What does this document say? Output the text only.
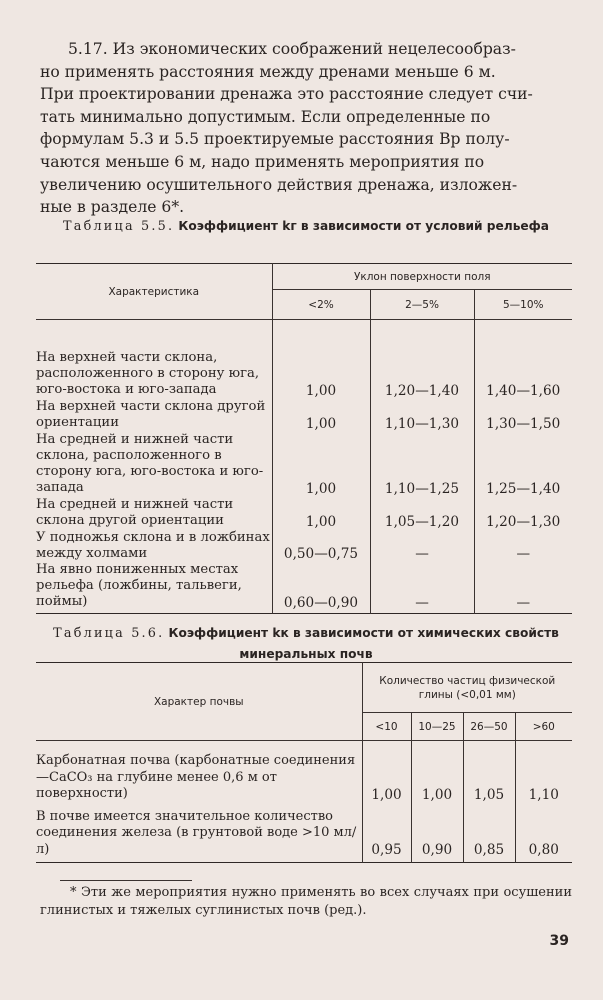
5.17. Из экономических соображений нецелесообраз-

но применять расстояния между дренами меньше 6 м.

При проектировании дренажа это расстояние следует счи-

тать минимально допустимым. Если определенные по

формулам 5.3 и 5.5 проектируемые расстояния Bр полу-

чаются меньше 6 м, надо применять мероприятия по

увеличению осушительного действия дренажа, изложен-

ные в разделе 6*.

Таблица 5.5. Коэффициент kг в зависимости от условий рельефа
Характеристика	Уклон поверхности поля		
	<2%	2—5%	5—10%

На верхней части склона, расположенного в сторону юга, юго-востока и юго-запада	1,00	1,20—1,40	1,40—1,60
На верхней части склона другой ориентации	1,00	1,10—1,30	1,30—1,50
На средней и нижней части склона, расположенного в сторону юга, юго-востока и юго-запада	1,00	1,10—1,25	1,25—1,40
На средней и нижней части склона другой ориентации	1,00	1,05—1,20	1,20—1,30
У подножья склона и в ложбинах между холмами	0,50—0,75	—	—
На явно пониженных местах рельефа (ложбины, тальвеги, поймы)	0,60—0,90	—	—
Таблица 5.6. Коэффициент kк в зависимости от химических свойств минеральных почв
Характер почвы	Количество частиц физической глины (<0,01 мм)			
	<10	10—25	26—50	>60

Карбонатная почва (карбонатные соединения—CaCO₃ на глубине менее 0,6 м от поверхности)	1,00	1,00	1,05	1,10
В почве имеется значительное количество соединения железа (в грунтовой воде >10 мл/л)	0,95	0,90	0,85	0,80
* Эти же мероприятия нужно применять во всех случаях при осушении глинистых и тяжелых суглинистых почв (ред.).
39
